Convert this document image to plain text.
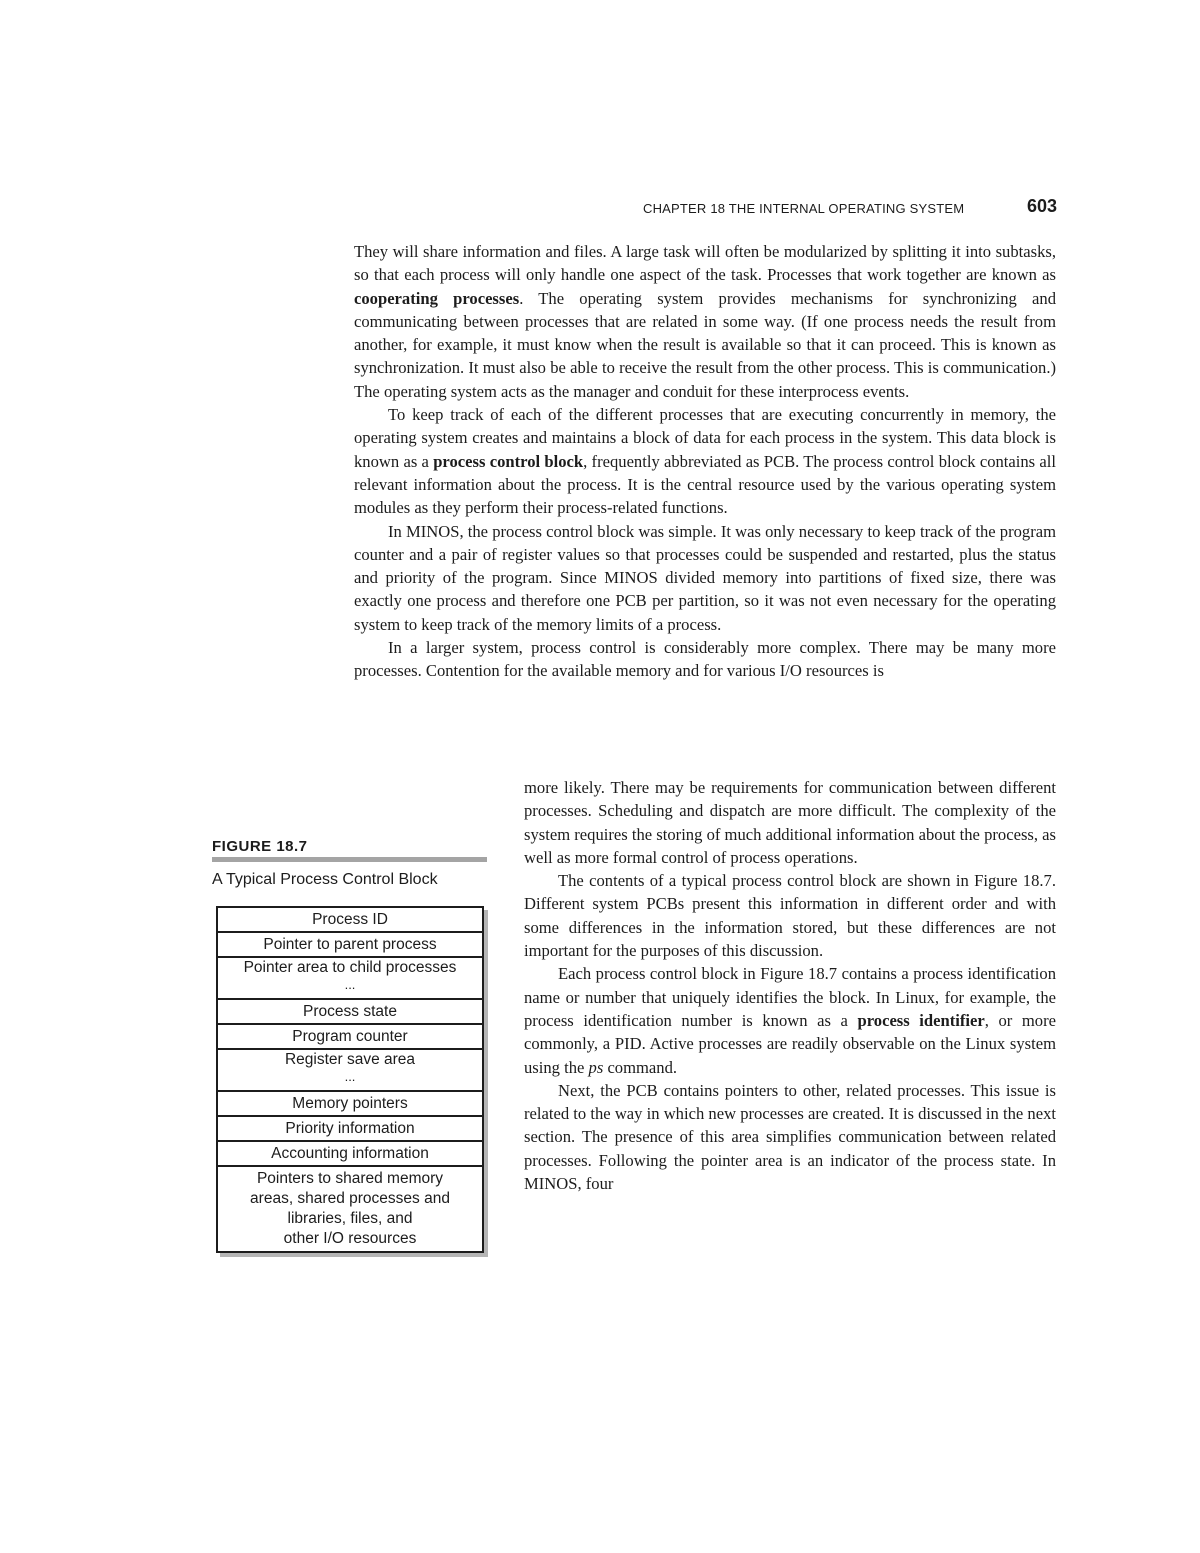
CHAPTER 18 THE INTERNAL OPERATING SYSTEM	603

They will share information and files. A large task will often be modularized by splitting it into subtasks, so that each process will only handle one aspect of the task. Processes that work together are known as cooperating processes. The operating system provides mechanisms for synchronizing and communicating between processes that are related in some way. (If one process needs the result from another, for example, it must know when the result is available so that it can proceed. This is known as synchronization. It must also be able to receive the result from the other process. This is communication.) The operating system acts as the manager and conduit for these interprocess events.

To keep track of each of the different processes that are executing concurrently in memory, the operating system creates and maintains a block of data for each process in the system. This data block is known as a process control block, frequently abbreviated as PCB. The process control block contains all relevant information about the process. It is the central resource used by the various operating system modules as they perform their process-related functions.

In MINOS, the process control block was simple. It was only necessary to keep track of the program counter and a pair of register values so that processes could be suspended and restarted, plus the status and priority of the program. Since MINOS divided memory into partitions of fixed size, there was exactly one process and therefore one PCB per partition, so it was not even necessary for the operating system to keep track of the memory limits of a process.

In a larger system, process control is considerably more complex. There may be many more processes. Contention for the available memory and for various I/O resources is

more likely. There may be requirements for communication between different processes. Scheduling and dispatch are more difficult. The complexity of the system requires the storing of much additional information about the process, as well as more formal control of process operations.

The contents of a typical process control block are shown in Figure 18.7. Different system PCBs present this information in different order and with some differences in the information stored, but these differences are not important for the purposes of this discussion.

Each process control block in Figure 18.7 contains a process identification name or number that uniquely identifies the block. In Linux, for example, the process identification number is known as a process identifier, or more commonly, a PID. Active processes are readily observable on the Linux system using the ps command.

Next, the PCB contains pointers to other, related processes. This issue is related to the way in which new processes are created. It is discussed in the next section. The presence of this area simplifies communication between related processes. Following the pointer area is an indicator of the process state. In MINOS, four

FIGURE 18.7
A Typical Process Control Block
Process ID
Pointer to parent process
Pointer area to child processes
...
Process state
Program counter
Register save area
...
Memory pointers
Priority information
Accounting information
Pointers to shared memory
areas, shared processes and
libraries, files, and
other I/O resources
